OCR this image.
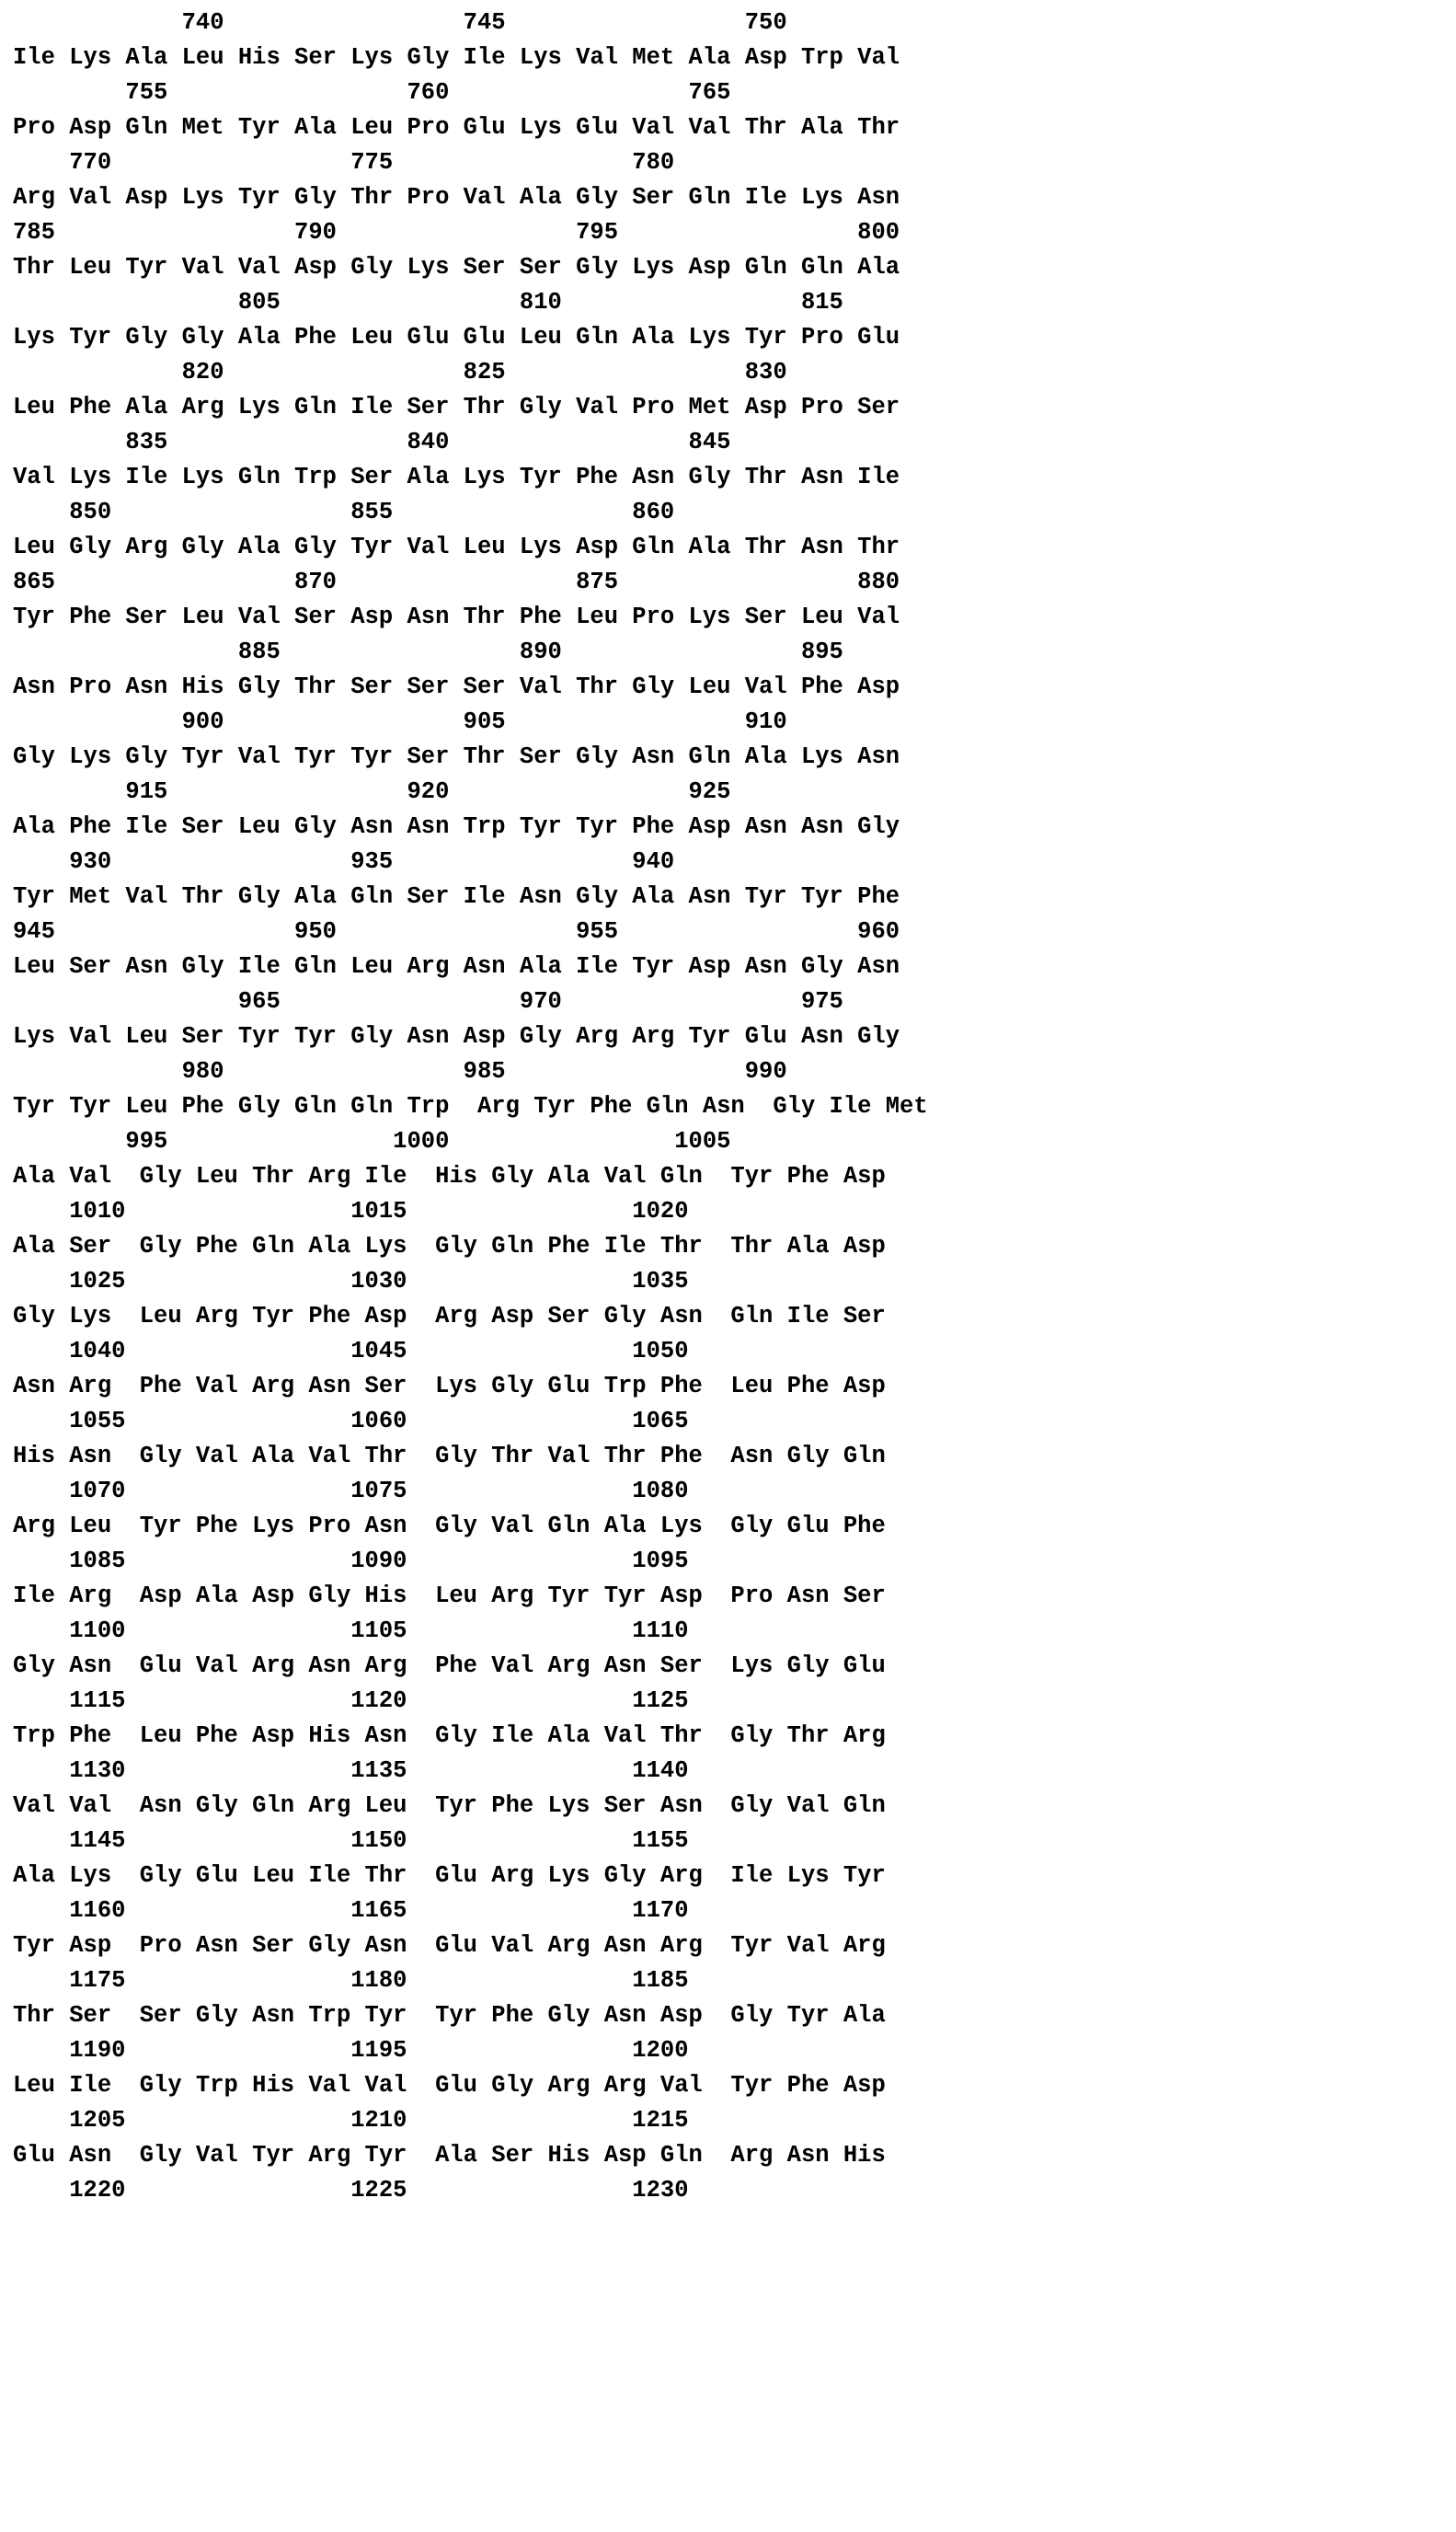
740                 745                 750
Ile Lys Ala Leu His Ser Lys Gly Ile Lys Val Met Ala Asp Trp Val
755                 760                 765
Pro Asp Gln Met Tyr Ala Leu Pro Glu Lys Glu Val Val Thr Ala Thr
770                 775                 780
Arg Val Asp Lys Tyr Gly Thr Pro Val Ala Gly Ser Gln Ile Lys Asn
785                 790                 795                 800
Thr Leu Tyr Val Val Asp Gly Lys Ser Ser Gly Lys Asp Gln Gln Ala
805                 810                 815
Lys Tyr Gly Gly Ala Phe Leu Glu Glu Leu Gln Ala Lys Tyr Pro Glu
820                 825                 830
Leu Phe Ala Arg Lys Gln Ile Ser Thr Gly Val Pro Met Asp Pro Ser
835                 840                 845
Val Lys Ile Lys Gln Trp Ser Ala Lys Tyr Phe Asn Gly Thr Asn Ile
850                 855                 860
Leu Gly Arg Gly Ala Gly Tyr Val Leu Lys Asp Gln Ala Thr Asn Thr
865                 870                 875                 880
Tyr Phe Ser Leu Val Ser Asp Asn Thr Phe Leu Pro Lys Ser Leu Val
885                 890                 895
Asn Pro Asn His Gly Thr Ser Ser Ser Val Thr Gly Leu Val Phe Asp
900                 905                 910
Gly Lys Gly Tyr Val Tyr Tyr Ser Thr Ser Gly Asn Gln Ala Lys Asn
915                 920                 925
Ala Phe Ile Ser Leu Gly Asn Asn Trp Tyr Tyr Phe Asp Asn Asn Gly
930                 935                 940
Tyr Met Val Thr Gly Ala Gln Ser Ile Asn Gly Ala Asn Tyr Tyr Phe
945                 950                 955                 960
Leu Ser Asn Gly Ile Gln Leu Arg Asn Ala Ile Tyr Asp Asn Gly Asn
965                 970                 975
Lys Val Leu Ser Tyr Tyr Gly Asn Asp Gly Arg Arg Tyr Glu Asn Gly
980                 985                 990
Tyr Tyr Leu Phe Gly Gln Gln Trp  Arg Tyr Phe Gln Asn  Gly Ile Met
995                1000                1005
Ala Val  Gly Leu Thr Arg Ile  His Gly Ala Val Gln  Tyr Phe Asp
1010                1015                1020
Ala Ser  Gly Phe Gln Ala Lys  Gly Gln Phe Ile Thr  Thr Ala Asp
1025                1030                1035
Gly Lys  Leu Arg Tyr Phe Asp  Arg Asp Ser Gly Asn  Gln Ile Ser
1040                1045                1050
Asn Arg  Phe Val Arg Asn Ser  Lys Gly Glu Trp Phe  Leu Phe Asp
1055                1060                1065
His Asn  Gly Val Ala Val Thr  Gly Thr Val Thr Phe  Asn Gly Gln
1070                1075                1080
Arg Leu  Tyr Phe Lys Pro Asn  Gly Val Gln Ala Lys  Gly Glu Phe
1085                1090                1095
Ile Arg  Asp Ala Asp Gly His  Leu Arg Tyr Tyr Asp  Pro Asn Ser
1100                1105                1110
Gly Asn  Glu Val Arg Asn Arg  Phe Val Arg Asn Ser  Lys Gly Glu
1115                1120                1125
Trp Phe  Leu Phe Asp His Asn  Gly Ile Ala Val Thr  Gly Thr Arg
1130                1135                1140
Val Val  Asn Gly Gln Arg Leu  Tyr Phe Lys Ser Asn  Gly Val Gln
1145                1150                1155
Ala Lys  Gly Glu Leu Ile Thr  Glu Arg Lys Gly Arg  Ile Lys Tyr
1160                1165                1170
Tyr Asp  Pro Asn Ser Gly Asn  Glu Val Arg Asn Arg  Tyr Val Arg
1175                1180                1185
Thr Ser  Ser Gly Asn Trp Tyr  Tyr Phe Gly Asn Asp  Gly Tyr Ala
1190                1195                1200
Leu Ile  Gly Trp His Val Val  Glu Gly Arg Arg Val  Tyr Phe Asp
1205                1210                1215
Glu Asn  Gly Val Tyr Arg Tyr  Ala Ser His Asp Gln  Arg Asn His
1220                1225                1230
